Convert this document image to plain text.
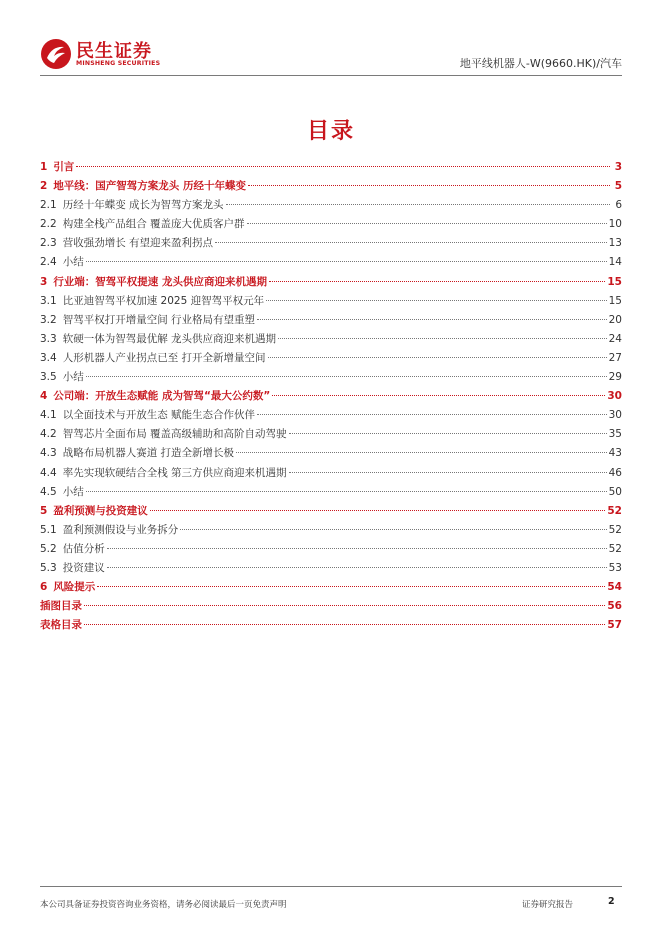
民生证券
MINSHENG SECURITIES	地平线机器人-W(9660.HK)/汽车
目录
1 引言	3
2 地平线：国产智驾方案龙头 历经十年蝶变	5
2.1 历经十年蝶变 成长为智驾方案龙头	6
2.2 构建全栈产品组合 覆盖庞大优质客户群	10
2.3 营收强劲增长 有望迎来盈利拐点	13
2.4 小结	14
3 行业端：智驾平权提速 龙头供应商迎来机遇期	15
3.1 比亚迪智驾平权加速 2025 迎智驾平权元年	15
3.2 智驾平权打开增量空间 行业格局有望重塑	20
3.3 软硬一体为智驾最优解 龙头供应商迎来机遇期	24
3.4 人形机器人产业拐点已至 打开全新增量空间	27
3.5 小结	29
4 公司端：开放生态赋能 成为智驾“最大公约数”	30
4.1 以全面技术与开放生态 赋能生态合作伙伴	30
4.2 智驾芯片全面布局 覆盖高级辅助和高阶自动驾驶	35
4.3 战略布局机器人赛道 打造全新增长极	43
4.4 率先实现软硬结合全栈 第三方供应商迎来机遇期	46
4.5 小结	50
5 盈利预测与投资建议	52
5.1 盈利预测假设与业务拆分	52
5.2 估值分析	52
5.3 投资建议	53
6 风险提示	54
插图目录	56
表格目录	57
本公司具备证券投资咨询业务资格，请务必阅读最后一页免责声明	证券研究报告	2
